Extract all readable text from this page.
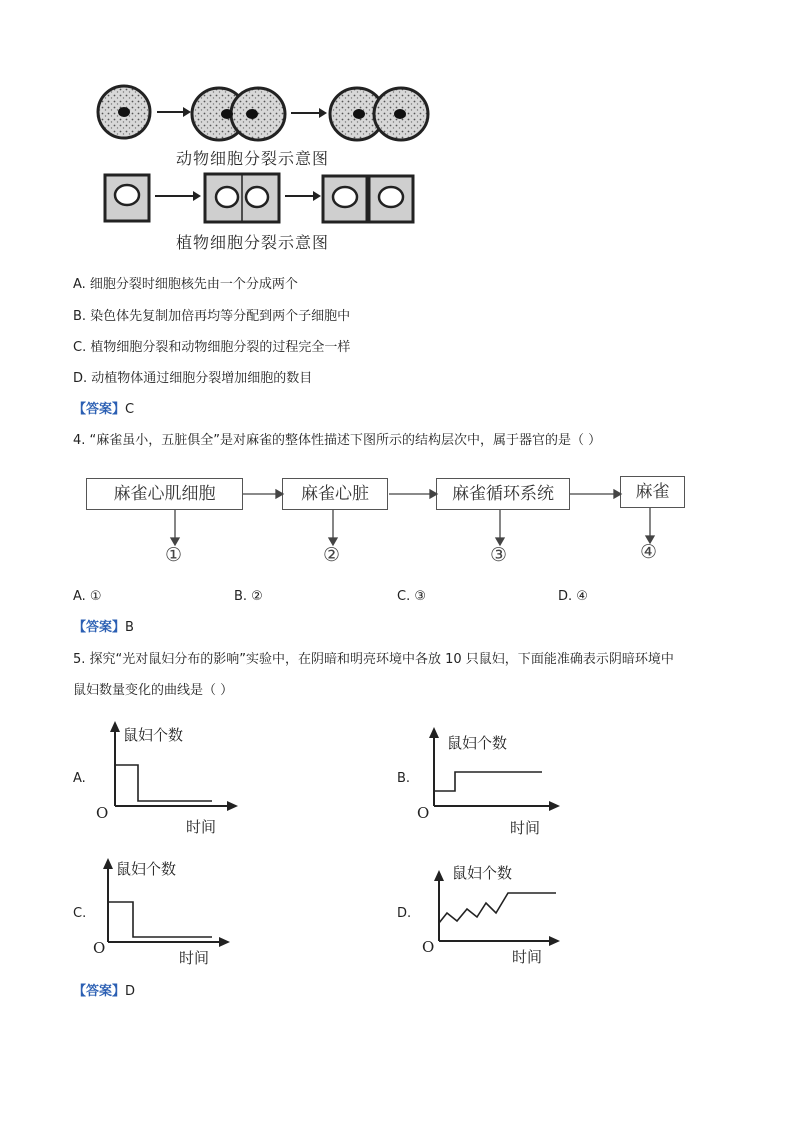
动物细胞分裂示意图
植物细胞分裂示意图
A. 细胞分裂时细胞核先由一个分成两个
B. 染色体先复制加倍再均等分配到两个子细胞中
C. 植物细胞分裂和动物细胞分裂的过程完全一样
D. 动植物体通过细胞分裂增加细胞的数目
【答案】C
4. “麻雀虽小，五脏俱全”是对麻雀的整体性描述下图所示的结构层次中，属于器官的是（ ）
麻雀心肌细胞	麻雀心脏	麻雀循环系统	麻雀
①	②	③	④
A. ①	B. ②	C. ③	D. ④
【答案】B
5. 探究“光对鼠妇分布的影响”实验中，在阴暗和明亮环境中各放 10 只鼠妇，下面能准确表示阴暗环境中
鼠妇数量变化的曲线是（ ）
A.
O
鼠妇个数
时间
B.
O
鼠妇个数
时间
C.
O
鼠妇个数
时间
D.
O
鼠妇个数
时间
【答案】D
